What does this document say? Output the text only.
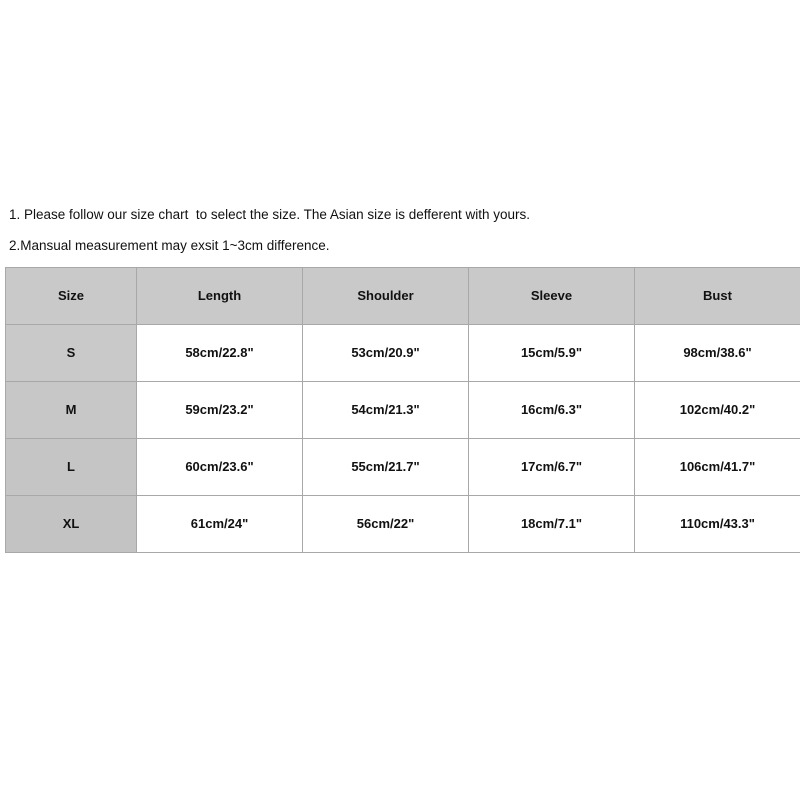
1. Please follow our size chart  to select the size. The Asian size is defferent with yours.
2.Mansual measurement may exsit 1~3cm difference.
Size	Length	Shoulder	Sleeve	Bust
S	58cm/22.8"	53cm/20.9"	15cm/5.9"	98cm/38.6"
M	59cm/23.2"	54cm/21.3"	16cm/6.3"	102cm/40.2"
L	60cm/23.6"	55cm/21.7"	17cm/6.7"	106cm/41.7"
XL	61cm/24"	56cm/22"	18cm/7.1"	110cm/43.3"
